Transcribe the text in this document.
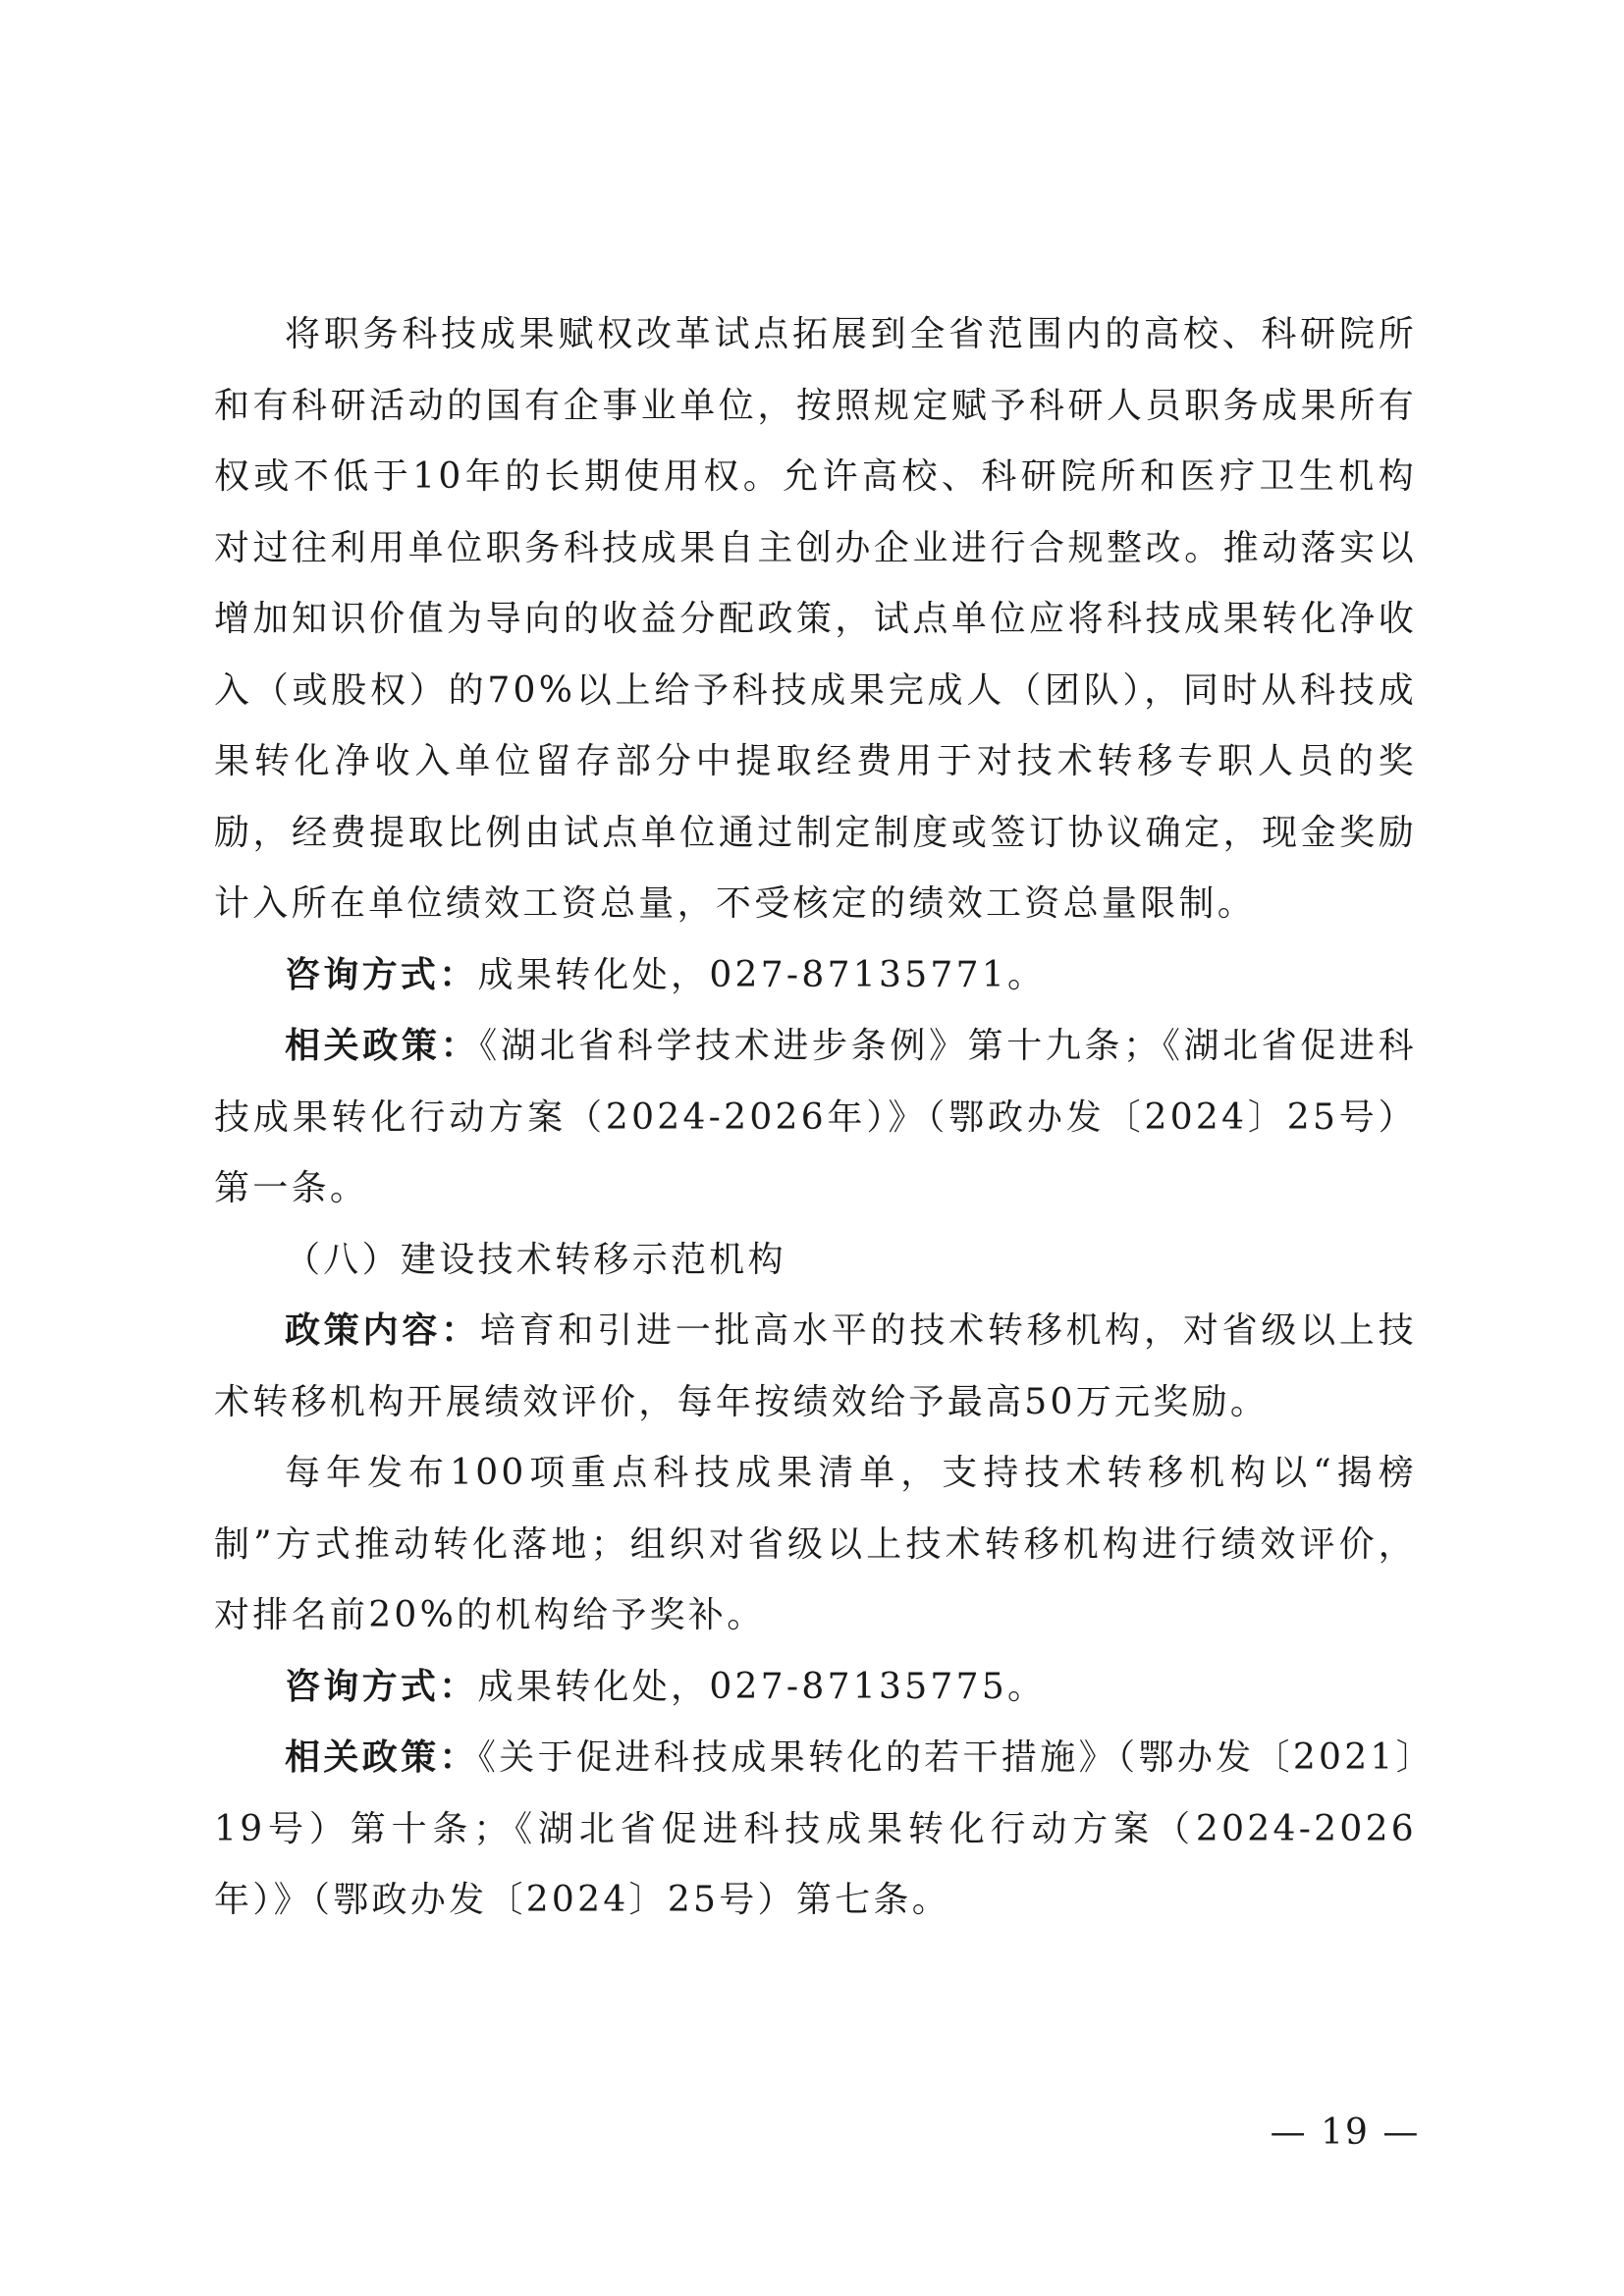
将职务科技成果赋权改革试点拓展到全省范围内的高校、科研院所和有科研活动的国有企事业单位，按照规定赋予科研人员职务成果所有权或不低于10年的长期使用权。允许高校、科研院所和医疗卫生机构对过往利用单位职务科技成果自主创办企业进行合规整改。推动落实以增加知识价值为导向的收益分配政策，试点单位应将科技成果转化净收入（或股权）的70%以上给予科技成果完成人（团队），同时从科技成果转化净收入单位留存部分中提取经费用于对技术转移专职人员的奖励，经费提取比例由试点单位通过制定制度或签订协议确定，现金奖励计入所在单位绩效工资总量，不受核定的绩效工资总量限制。

咨询方式：成果转化处，027-87135771。

相关政策：《湖北省科学技术进步条例》第十九条；《湖北省促进科技成果转化行动方案（2024-2026年）》（鄂政办发〔2024〕25号）第一条。

（八）建设技术转移示范机构

政策内容：培育和引进一批高水平的技术转移机构，对省级以上技术转移机构开展绩效评价，每年按绩效给予最高50万元奖励。

每年发布100项重点科技成果清单，支持技术转移机构以“揭榜制”方式推动转化落地；组织对省级以上技术转移机构进行绩效评价，对排名前20%的机构给予奖补。

咨询方式：成果转化处，027-87135775。

相关政策：《关于促进科技成果转化的若干措施》（鄂办发〔2021〕19号）第十条；《湖北省促进科技成果转化行动方案（2024-2026年）》（鄂政办发〔2024〕25号）第七条。

— 19 —
